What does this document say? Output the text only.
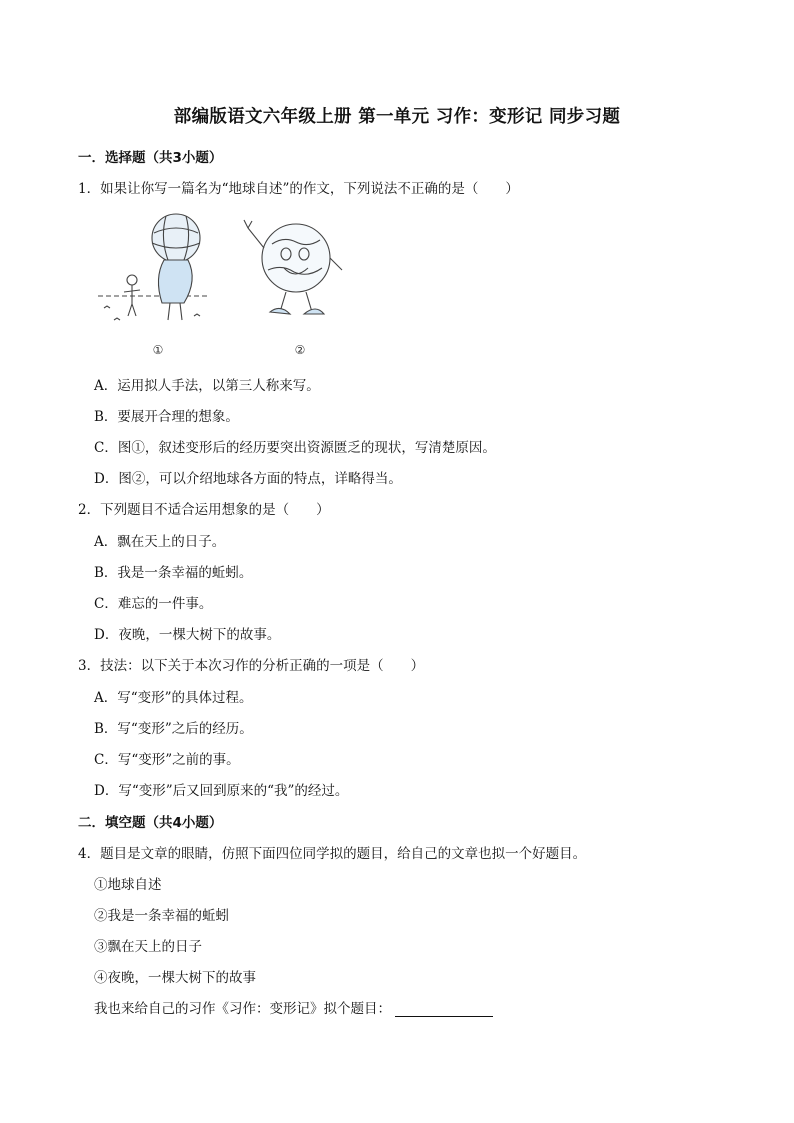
部编版语文六年级上册 第一单元 习作：变形记 同步习题
一．选择题（共3小题）
1．如果让你写一篇名为“地球自述”的作文，下列说法不正确的是（　　）
①	②
A．运用拟人手法，以第三人称来写。
B．要展开合理的想象。
C．图①，叙述变形后的经历要突出资源匮乏的现状，写清楚原因。
D．图②，可以介绍地球各方面的特点，详略得当。
2．下列题目不适合运用想象的是（　　）
A．飘在天上的日子。
B．我是一条幸福的蚯蚓。
C．难忘的一件事。
D．夜晚，一棵大树下的故事。
3．技法：以下关于本次习作的分析正确的一项是（　　）
A．写“变形”的具体过程。
B．写“变形”之后的经历。
C．写“变形”之前的事。
D．写“变形”后又回到原来的“我”的经过。
二．填空题（共4小题）
4．题目是文章的眼睛，仿照下面四位同学拟的题目，给自己的文章也拟一个好题目。
①地球自述
②我是一条幸福的蚯蚓
③飘在天上的日子
④夜晚，一棵大树下的故事
我也来给自己的习作《习作：变形记》拟个题目：
